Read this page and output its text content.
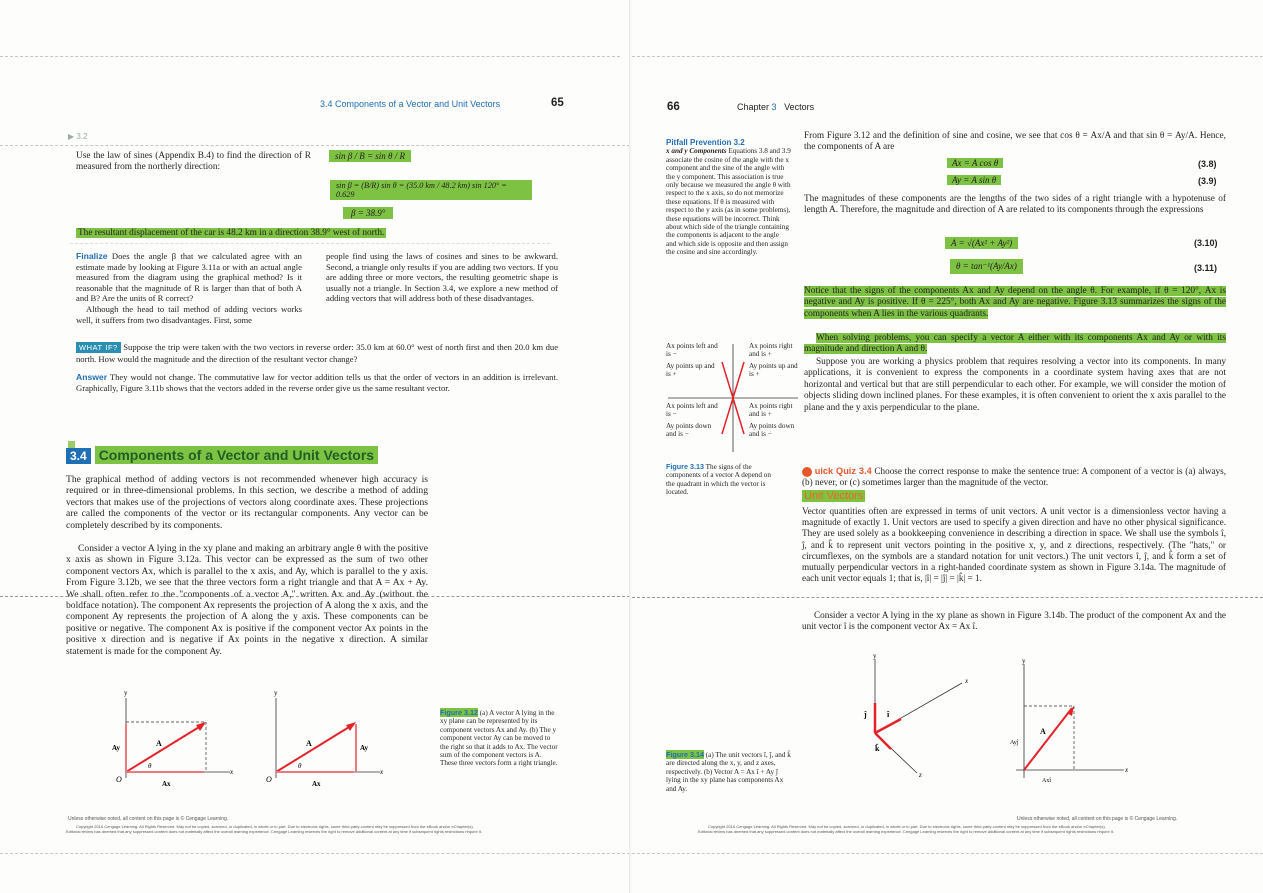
3.4 Components of a Vector and Unit Vectors	65
▶ 3.2
Use the law of sines (Appendix B.4) to find the direction of R measured from the northerly direction:
sin β / B = sin θ / R
sin β = (B/R) sin θ = (35.0 km / 48.2 km) sin 120° = 0.629
β = 38.9°
The resultant displacement of the car is 48.2 km in a direction 38.9° west of north.
Finalize Does the angle β that we calculated agree with an estimate made by looking at Figure 3.11a or with an actual angle measured from the diagram using the graphical method? Is it reasonable that the magnitude of R is larger than that of both A and B? Are the units of R correct?
Although the head to tail method of adding vectors works well, it suffers from two disadvantages. First, some
people find using the laws of cosines and sines to be awkward. Second, a triangle only results if you are adding two vectors. If you are adding three or more vectors, the resulting geometric shape is usually not a triangle. In Section 3.4, we explore a new method of adding vectors that will address both of these disadvantages.
WHAT IF? Suppose the trip were taken with the two vectors in reverse order: 35.0 km at 60.0° west of north first and then 20.0 km due north. How would the magnitude and the direction of the resultant vector change?
Answer They would not change. The commutative law for vector addition tells us that the order of vectors in an addition is irrelevant. Graphically, Figure 3.11b shows that the vectors added in the reverse order give us the same resultant vector.
3.4 Components of a Vector and Unit Vectors
The graphical method of adding vectors is not recommended whenever high accuracy is required or in three-dimensional problems. In this section, we describe a method of adding vectors that makes use of the projections of vectors along coordinate axes. These projections are called the components of the vector or its rectangular components. Any vector can be completely described by its components.
Consider a vector A lying in the xy plane and making an arbitrary angle θ with the positive x axis as shown in Figure 3.12a. This vector can be expressed as the sum of two other component vectors Ax, which is parallel to the x axis, and Ay, which is parallel to the y axis. From Figure 3.12b, we see that the three vectors form a right triangle and that A = Ax + Ay. We shall often refer to the "components of a vector A," written Ax and Ay (without the boldface notation). The component Ax represents the projection of A along the x axis, and the component Ay represents the projection of A along the y axis. These components can be positive or negative. The component Ax is positive if the component vector Ax points in the positive x direction and is negative if Ax points in the negative x direction. A similar statement is made for the component Ay.
y
x
O
θ
A
Ay
Ax
y
x
O
θ
A	Ay
Ax
Figure 3.12 (a) A vector A lying in the xy plane can be represented by its component vectors Ax and Ay. (b) The y component vector Ay can be moved to the right so that it adds to Ax. The vector sum of the component vectors is A. These three vectors form a right triangle.
Unless otherwise noted, all content on this page is © Cengage Learning.
Copyright 2016 Cengage Learning. All Rights Reserved. May not be copied, scanned, or duplicated, in whole or in part. Due to electronic rights, some third party content may be suppressed from the eBook and/or eChapter(s).
Editorial review has deemed that any suppressed content does not materially affect the overall learning experience. Cengage Learning reserves the right to remove additional content at any time if subsequent rights restrictions require it.
66	Chapter 3 Vectors
Pitfall Prevention 3.2
x and y Components Equations 3.8 and 3.9 associate the cosine of the angle with the x component and the sine of the angle with the y component. This association is true only because we measured the angle θ with respect to the x axis, so do not memorize these equations. If θ is measured with respect to the y axis (as in some problems), these equations will be incorrect. Think about which side of the triangle containing the components is adjacent to the angle and which side is opposite and then assign the cosine and sine accordingly.
From Figure 3.12 and the definition of sine and cosine, we see that cos θ = Ax/A and that sin θ = Ay/A. Hence, the components of A are
Ax = A cos θ	(3.8)
Ay = A sin θ	(3.9)
The magnitudes of these components are the lengths of the two sides of a right triangle with a hypotenuse of length A. Therefore, the magnitude and direction of A are related to its components through the expressions
A = √(Ax² + Ay²)	(3.10)
θ = tan⁻¹(Ay/Ax)	(3.11)
Notice that the signs of the components Ax and Ay depend on the angle θ. For example, if θ = 120°, Ax is negative and Ay is positive. If θ = 225°, both Ax and Ay are negative. Figure 3.13 summarizes the signs of the components when A lies in the various quadrants.
When solving problems, you can specify a vector A either with its components Ax and Ay or with its magnitude and direction A and θ.
Suppose you are working a physics problem that requires resolving a vector into its components. In many applications, it is convenient to express the components in a coordinate system having axes that are not horizontal and vertical but that are still perpendicular to each other. For example, we will consider the motion of objects sliding down inclined planes. For these examples, it is often convenient to orient the x axis parallel to the plane and the y axis perpendicular to the plane.
Ax points left and is −
Ax points right and is +
Ay points up and is +
Ay points up and is +
Ax points left and is −
Ax points right and is +
Ay points down and is −
Ay points down and is −
Figure 3.13 The signs of the components of a vector A depend on the quadrant in which the vector is located.
uick Quiz 3.4 Choose the correct response to make the sentence true: A component of a vector is (a) always, (b) never, or (c) sometimes larger than the magnitude of the vector.
Unit Vectors
Vector quantities often are expressed in terms of unit vectors. A unit vector is a dimensionless vector having a magnitude of exactly 1. Unit vectors are used to specify a given direction and have no other physical significance. They are used solely as a bookkeeping convenience in describing a direction in space. We shall use the symbols î, ĵ, and k̂ to represent unit vectors pointing in the positive x, y, and z directions, respectively. (The "hats," or circumflexes, on the symbols are a standard notation for unit vectors.) The unit vectors î, ĵ, and k̂ form a set of mutually perpendicular vectors in a right-handed coordinate system as shown in Figure 3.14a. The magnitude of each unit vector equals 1; that is, |î| = |ĵ| = |k̂| = 1.
Consider a vector A lying in the xy plane as shown in Figure 3.14b. The product of the component Ax and the unit vector î is the component vector Ax = Ax î.
y
x
z
ĵ	î
k̂
y
x
A
Ayĵ
Axî
Figure 3.14 (a) The unit vectors î, ĵ, and k̂ are directed along the x, y, and z axes, respectively. (b) Vector A = Ax î + Ay ĵ lying in the xy plane has components Ax and Ay.
Unless otherwise noted, all content on this page is © Cengage Learning.
Copyright 2016 Cengage Learning. All Rights Reserved. May not be copied, scanned, or duplicated, in whole or in part. Due to electronic rights, some third party content may be suppressed from the eBook and/or eChapter(s).
Editorial review has deemed that any suppressed content does not materially affect the overall learning experience. Cengage Learning reserves the right to remove additional content at any time if subsequent rights restrictions require it.
